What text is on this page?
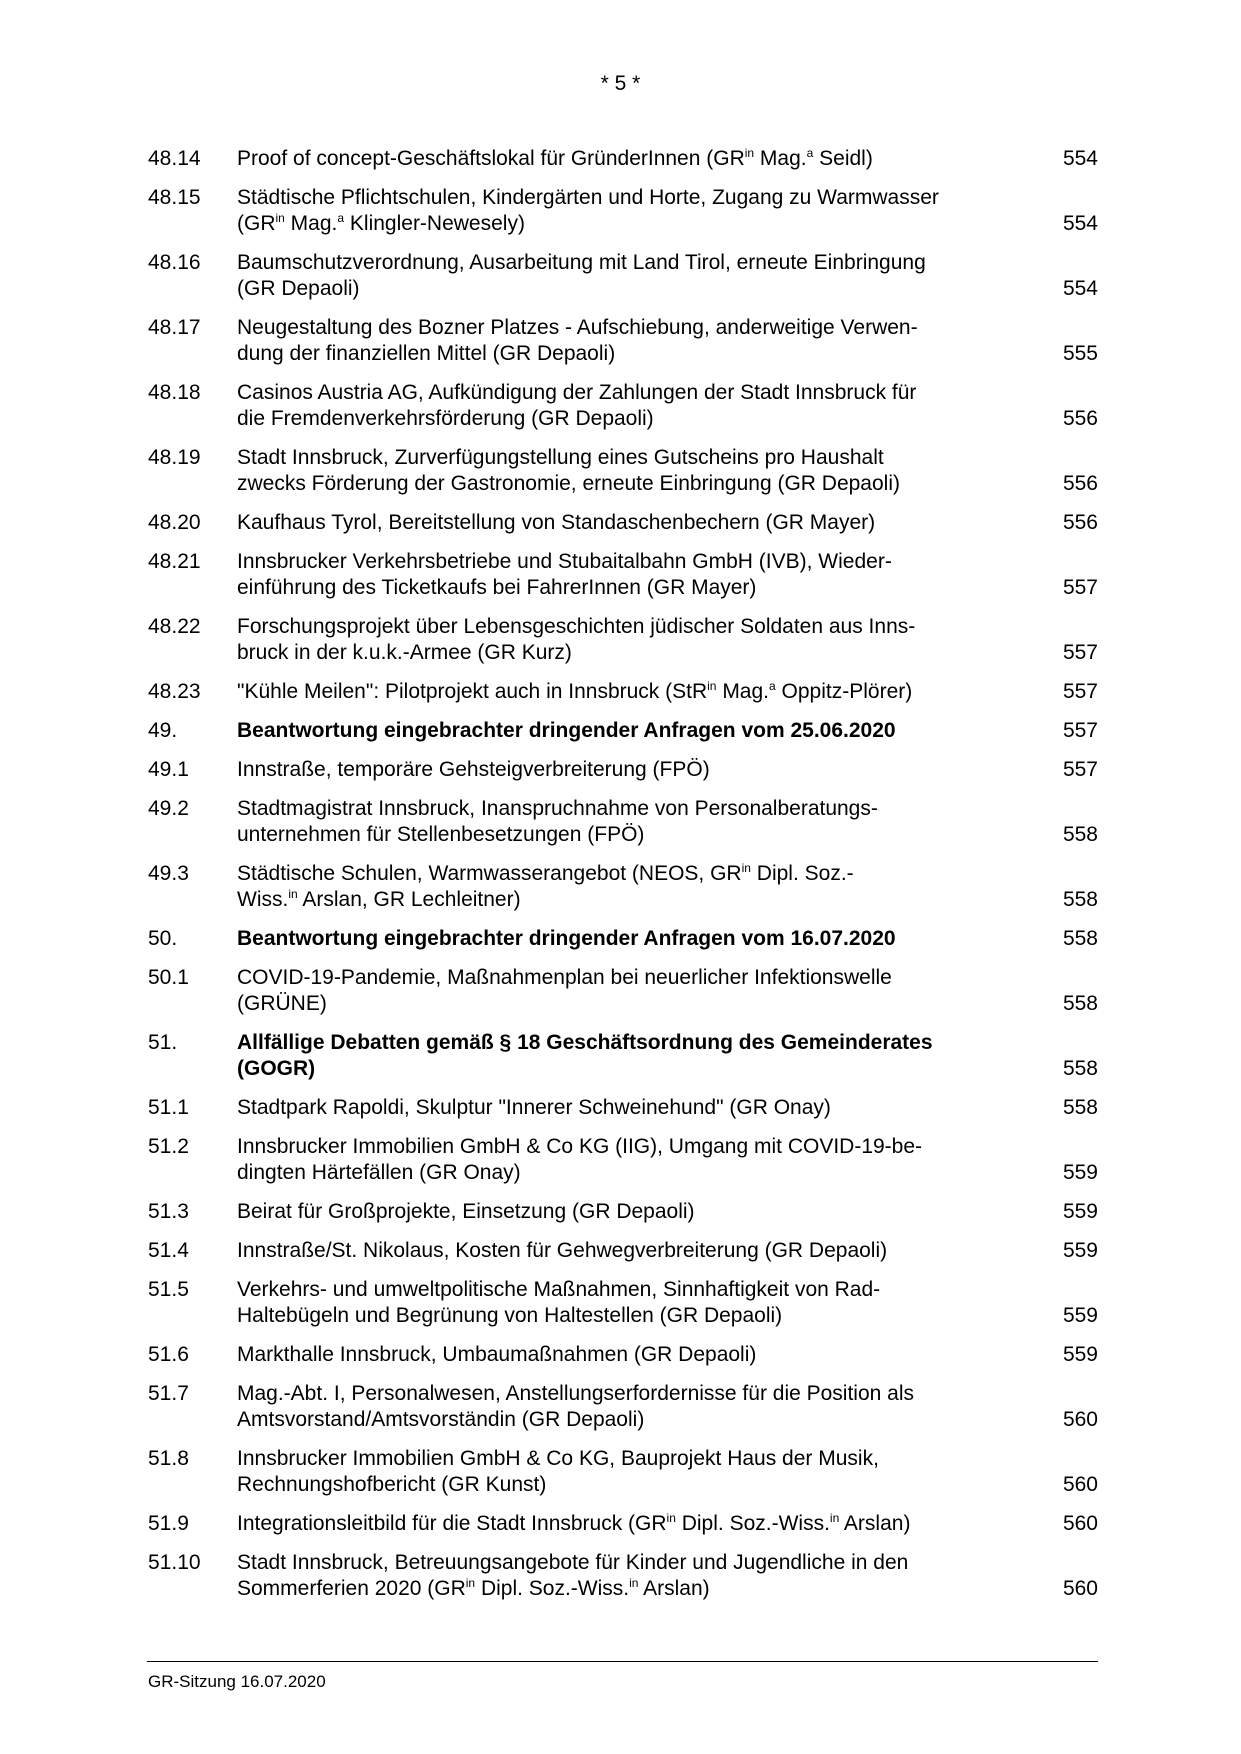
* 5 *
48.14	Proof of concept-Geschäftslokal für GründerInnen ($GR^{in}$ Mag.$^a$ Seidl)	554
48.15	Städtische Pflichtschulen, Kindergärten und Horte, Zugang zu Warmwasser
($GR^{in}$ Mag.$^a$ Klingler-Newesely)	554
48.16	Baumschutzverordnung, Ausarbeitung mit Land Tirol, erneute Einbringung
(GR Depaoli)	554
48.17	Neugestaltung des Bozner Platzes - Aufschiebung, anderweitige Verwen-
dung der finanziellen Mittel (GR Depaoli)	555
48.18	Casinos Austria AG, Aufkündigung der Zahlungen der Stadt Innsbruck für
die Fremdenverkehrsförderung (GR Depaoli)	556
48.19	Stadt Innsbruck, Zurverfügungstellung eines Gutscheins pro Haushalt
zwecks Förderung der Gastronomie, erneute Einbringung (GR Depaoli)	556
48.20	Kaufhaus Tyrol, Bereitstellung von Standaschenbechern (GR Mayer)	556
48.21	Innsbrucker Verkehrsbetriebe und Stubaitalbahn GmbH (IVB), Wieder-
einführung des Ticketkaufs bei FahrerInnen (GR Mayer)	557
48.22	Forschungsprojekt über Lebensgeschichten jüdischer Soldaten aus Inns-
bruck in der k.u.k.-Armee (GR Kurz)	557
48.23	"Kühle Meilen": Pilotprojekt auch in Innsbruck (StR$^{in}$ Mag.$^a$ Oppitz-Plörer)	557
49.	Beantwortung eingebrachter dringender Anfragen vom 25.06.2020	557
49.1	Innstraße, temporäre Gehsteigverbreiterung (FPÖ)	557
49.2	Stadtmagistrat Innsbruck, Inanspruchnahme von Personalberatungs-
unternehmen für Stellenbesetzungen (FPÖ)	558
49.3	Städtische Schulen, Warmwasserangebot (NEOS, $GR^{in}$ Dipl. Soz.-
Wiss.$^{in}$ Arslan, GR Lechleitner)	558
50.	Beantwortung eingebrachter dringender Anfragen vom 16.07.2020	558
50.1	COVID-19-Pandemie, Maßnahmenplan bei neuerlicher Infektionswelle
(GRÜNE)	558
51.	Allfällige Debatten gemäß § 18 Geschäftsordnung des Gemeinderates
(GOGR)	558
51.1	Stadtpark Rapoldi, Skulptur "Innerer Schweinehund" (GR Onay)	558
51.2	Innsbrucker Immobilien GmbH & Co KG (IIG), Umgang mit COVID-19-be-
dingten Härtefällen (GR Onay)	559
51.3	Beirat für Großprojekte, Einsetzung (GR Depaoli)	559
51.4	Innstraße/St. Nikolaus, Kosten für Gehwegverbreiterung (GR Depaoli)	559
51.5	Verkehrs- und umweltpolitische Maßnahmen, Sinnhaftigkeit von Rad-
Haltebügeln und Begrünung von Haltestellen (GR Depaoli)	559
51.6	Markthalle Innsbruck, Umbaumaßnahmen (GR Depaoli)	559
51.7	Mag.-Abt. I, Personalwesen, Anstellungserfordernisse für die Position als
Amtsvorstand/Amtsvorständin (GR Depaoli)	560
51.8	Innsbrucker Immobilien GmbH & Co KG, Bauprojekt Haus der Musik,
Rechnungshofbericht (GR Kunst)	560
51.9	Integrationsleitbild für die Stadt Innsbruck ($GR^{in}$ Dipl. Soz.-Wiss.$^{in}$ Arslan)	560
51.10	Stadt Innsbruck, Betreuungsangebote für Kinder und Jugendliche in den
Sommerferien 2020 ($GR^{in}$ Dipl. Soz.-Wiss.$^{in}$ Arslan)	560
GR-Sitzung 16.07.2020
